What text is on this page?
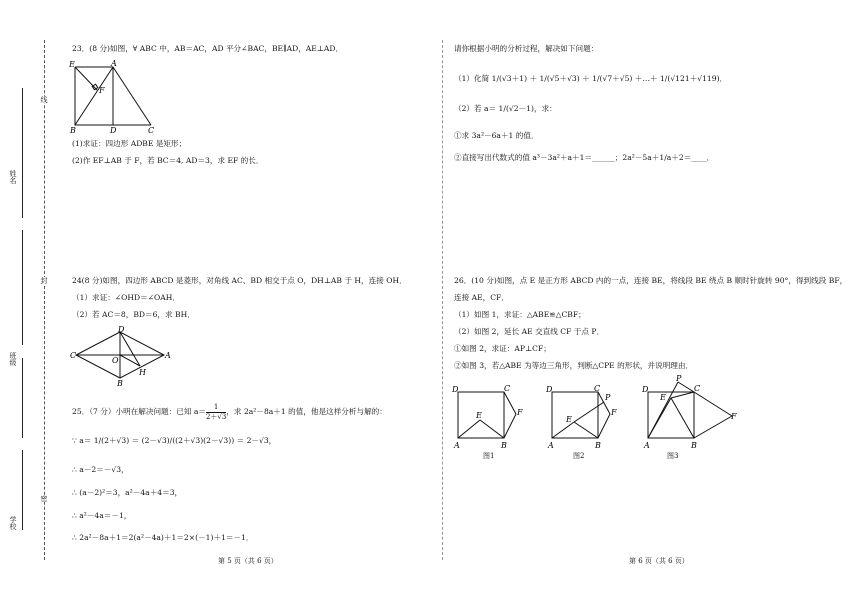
姓名
班级
学校
线
封
密
23．(8 分)如图，∀ ABC 中，AB＝AC，AD 平分∠BAC，BE∥AD，AE⊥AD．
E	A
F
B	D	C
(1)求证：四边形 ADBE 是矩形；
(2)作 EF⊥AB 于 F，若 BC＝4, AD＝3，求 EF 的长．
24(8 分)如图，四边形 ABCD 是菱形，对角线 AC、BD 相交于点 O，DH⊥AB 于 H，连接 OH．
（1）求证：∠OHD＝∠OAH．
（2）若 AC＝8，BD＝6，求 BH．
D
C
O
A
B
H
25．（7 分）小明在解决问题：已知 $a= \frac{1}{2+√3}$ ，求 2a²－8a＋1 的值，他是这样分析与解的：
∵ a＝ 1/(2＋√3) ＝ (2－√3)/((2＋√3)(2－√3)) ＝ 2－√3，
∴ a－2＝－√3，
∴ (a－2)²＝3，a²－4a＋4＝3，
∴ a²－4a＝－1，
∴ 2a²－8a＋1＝2(a²－4a)＋1＝2×(－1)＋1＝－1．
第 5 页（共 6 页）
请你根据小明的分析过程，解决如下问题：
（1）化简 1/(√3＋1) ＋ 1/(√5＋√3) ＋ 1/(√7＋√5) ＋…＋ 1/(√121＋√119)．
（2）若 a＝ 1/(√2－1)，求：
①求 3a²－6a＋1 的值．
②直接写出代数式的值 a³－3a²＋a＋1＝______；2a²－5a＋1/a＋2＝____．
26．(10 分)如图，点 E 是正方形 ABCD 内的一点，连接 BE，将线段 BE 绕点 B 顺时针旋转 90°，得到线段 BF，
连接 AE，CF．
（1）如图 1，求证：△ABE≌△CBF；
（2）如图 2，延长 AE 交直线 CF 于点 P．
①如图 2，求证：AP⊥CF；
②如图 3，若△ABE 为等边三角形，判断△CPE 的形状，并说明理由．
D	C
E	F
A	B
图1
D	C
P
E
F
A	B
图2
D	C
P
E
F
A	B
图3
第 6 页（共 6 页）
